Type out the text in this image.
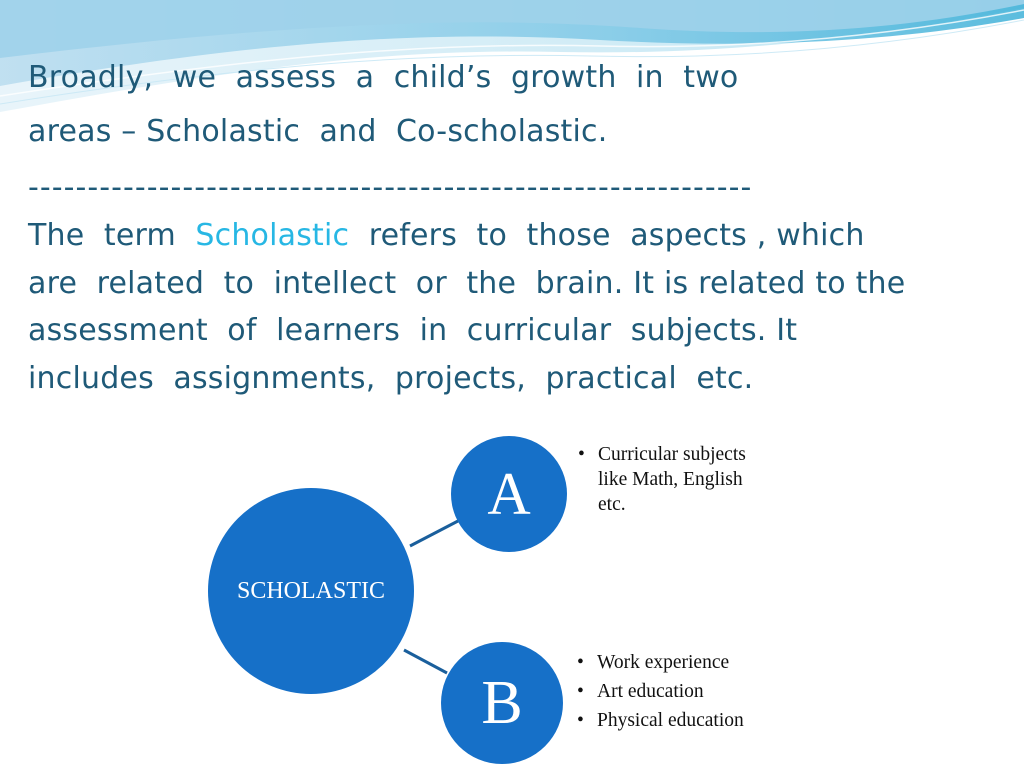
Broadly,  we  assess  a  child’s  growth  in  two

areas – Scholastic  and  Co-scholastic.

-------------------------------------------------------------

The  term  Scholastic  refers  to  those  aspects , which

are  related  to  intellect  or  the  brain. It is related to the

assessment  of  learners  in  curricular  subjects. It

includes  assignments,  projects,  practical  etc.

SCHOLASTIC
A
B
• Curricular subjects like Math, English etc.
• Work experience
• Art education
• Physical education
